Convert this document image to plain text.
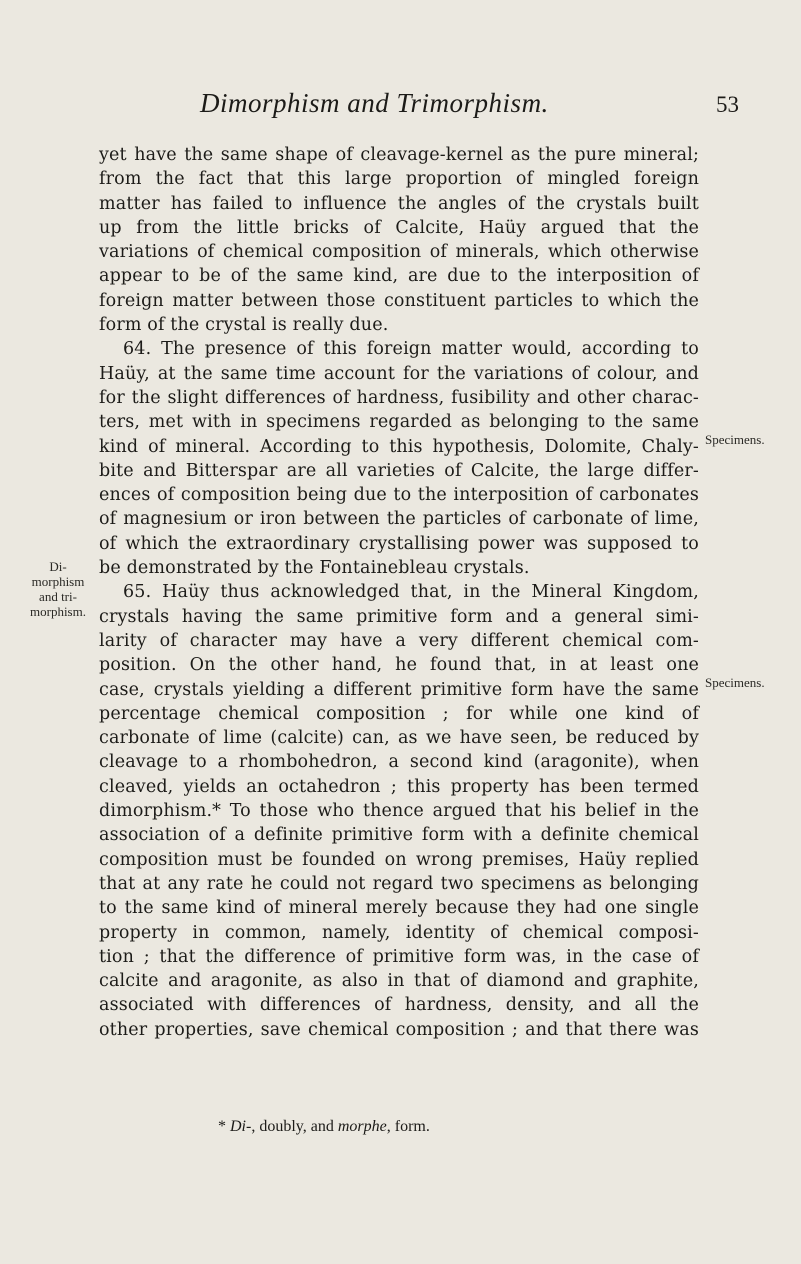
Dimorphism and Trimorphism.	53
Specimens.
Di-
morphism
and tri-
morphism.
Specimens.
yet have the same shape of cleavage-kernel as the pure mineral;
from the fact that this large proportion of mingled foreign
matter has failed to influence the angles of the crystals built
up from the little bricks of Calcite, Haüy argued that the
variations of chemical composition of minerals, which otherwise
appear to be of the same kind, are due to the interposition of
foreign matter between those constituent particles to which the
form of the crystal is really due.
64. The presence of this foreign matter would, according to
Haüy, at the same time account for the variations of colour, and
for the slight differences of hardness, fusibility and other charac-
ters, met with in specimens regarded as belonging to the same
kind of mineral. According to this hypothesis, Dolomite, Chaly-
bite and Bitterspar are all varieties of Calcite, the large differ-
ences of composition being due to the interposition of carbonates
of magnesium or iron between the particles of carbonate of lime,
of which the extraordinary crystallising power was supposed to
be demonstrated by the Fontainebleau crystals.
65. Haüy thus acknowledged that, in the Mineral Kingdom,
crystals having the same primitive form and a general simi-
larity of character may have a very different chemical com-
position. On the other hand, he found that, in at least one
case, crystals yielding a different primitive form have the same
percentage chemical composition ; for while one kind of
carbonate of lime (calcite) can, as we have seen, be reduced by
cleavage to a rhombohedron, a second kind (aragonite), when
cleaved, yields an octahedron ; this property has been termed
dimorphism.* To those who thence argued that his belief in the
association of a definite primitive form with a definite chemical
composition must be founded on wrong premises, Haüy replied
that at any rate he could not regard two specimens as belonging
to the same kind of mineral merely because they had one single
property in common, namely, identity of chemical composi-
tion ; that the difference of primitive form was, in the case of
calcite and aragonite, as also in that of diamond and graphite,
associated with differences of hardness, density, and all the
other properties, save chemical composition ; and that there was
* Di-, doubly, and morphe, form.
